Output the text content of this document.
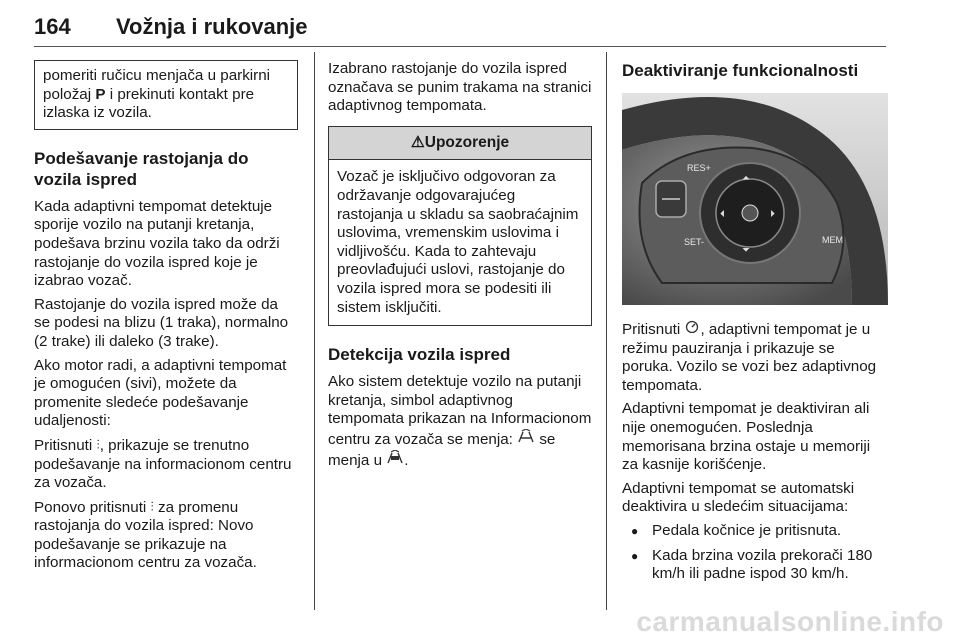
164 Vožnja i rukovanje
pomeriti ručicu menjača u parkirni položaj P i prekinuti kontakt pre izlaska iz vozila.
Podešavanje rastojanja do vozila ispred

Kada adaptivni tempomat detektuje sporije vozilo na putanji kretanja, podešava brzinu vozila tako da održi rastojanje do vozila ispred koje je izabrao vozač.

Rastojanje do vozila ispred može da se podesi na blizu (1 traka), normalno (2 trake) ili daleko (3 trake).

Ako motor radi, a adaptivni tempomat je omogućen (sivi), možete da promenite sledeće podešavanje udaljenosti:

Pritisnuti ⫶, prikazuje se trenutno podešavanje na informacionom centru za vozača.

Ponovo pritisnuti ⫶ za promenu rastojanja do vozila ispred: Novo podešavanje se prikazuje na informacionom centru za vozača.

Izabrano rastojanje do vozila ispred označava se punim trakama na stranici adaptivnog tempomata.

⚠Upozorenje
Vozač je isključivo odgovoran za održavanje odgovarajućeg rastojanja u skladu sa saobraćajnim uslovima, vremenskim uslovima i vidljivošću. Kada to zahtevaju preovlađujući uslovi, rastojanje do vozila ispred mora se podesiti ili sistem isključiti.
Detekcija vozila ispred

Ako sistem detektuje vozilo na putanji kretanja, simbol adaptivnog tempomata prikazan na Informacionom centru za vozača se menja:  se menja u .

Deaktiviranje funkcionalnosti
RES+
SET-	MEM
⏶
⏷
⏴	⏵

Pritisnuti , adaptivni tempomat je u režimu pauziranja i prikazuje se poruka. Vozilo se vozi bez adaptivnog tempomata.

Adaptivni tempomat je deaktiviran ali nije onemogućen. Poslednja memorisana brzina ostaje u memoriji za kasnije korišćenje.

Adaptivni tempomat se automatski deaktivira u sledećim situacijama:

● Pedala kočnice je pritisnuta.
● Kada brzina vozila prekorači 180 km/h ili padne ispod 30 km/h.
carmanualsonline.info
